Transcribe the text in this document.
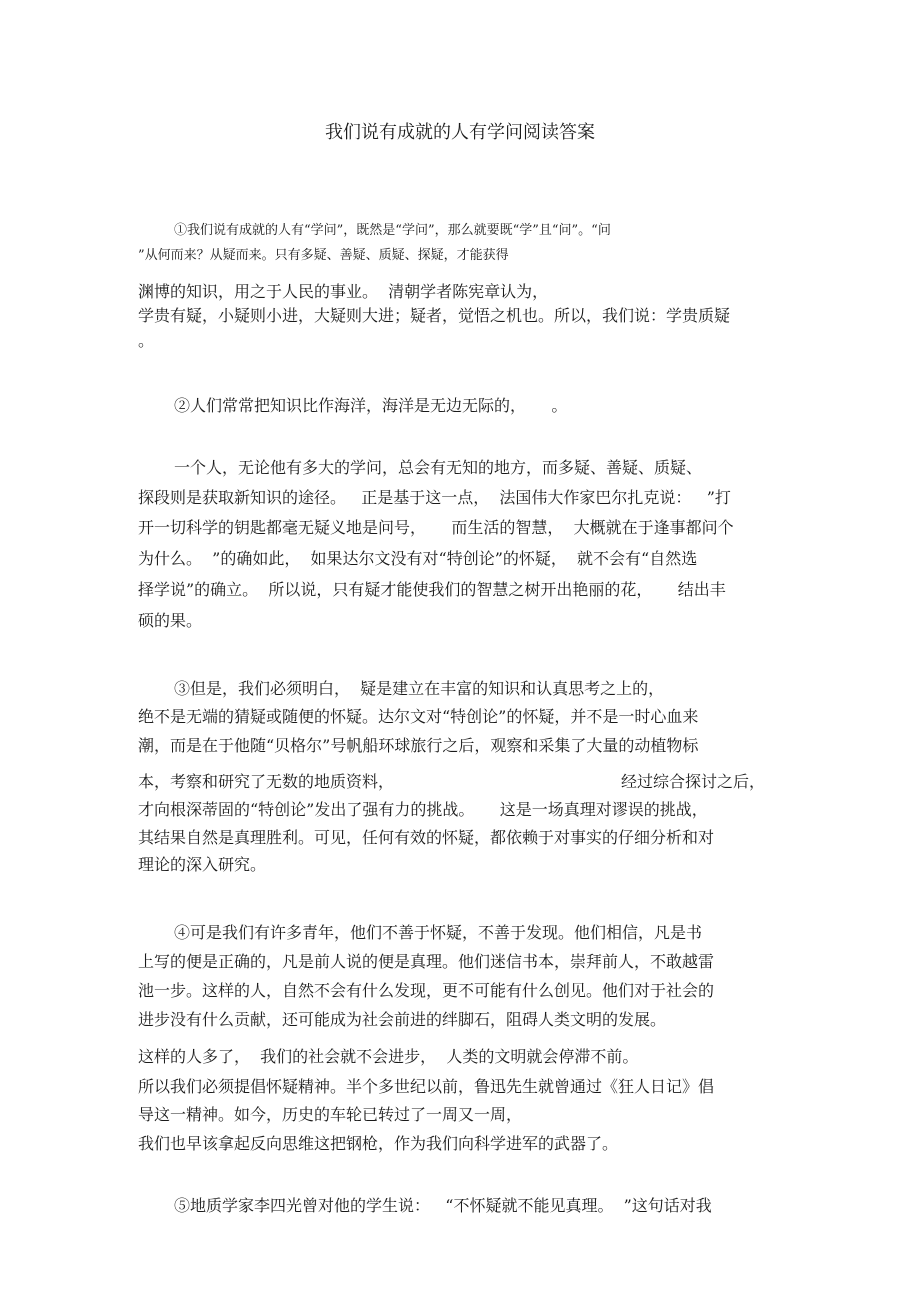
我们说有成就的人有学问阅读答案
①我们说有成就的人有“学问”，既然是“学问”，那么就要既“学”且“问”。“问
”从何而来？从疑而来。只有多疑、善疑、质疑、探疑，才能获得
渊博的知识，用之于人民的事业。  清朝学者陈宪章认为，
学贵有疑，小疑则小进，大疑则大进；疑者，觉悟之机也。所以，我们说：学贵质疑
。
②人们常常把知识比作海洋，海洋是无边无际的，     。
一个人，无论他有多大的学问，总会有无知的地方，而多疑、善疑、质疑、
探段则是获取新知识的途径。   正是基于这一点，  法国伟大作家巴尔扎克说：   ”打
开一切科学的钥匙都毫无疑义地是问号，     而生活的智慧，  大概就在于逢事都问个
为什么。  ”的确如此，  如果达尔文没有对“特创论”的怀疑，  就不会有“自然选
择学说”的确立。  所以说，只有疑才能使我们的智慧之树开出艳丽的花，     结出丰
硕的果。
③但是，我们必须明白，  疑是建立在丰富的知识和认真思考之上的，
绝不是无端的猜疑或随便的怀疑。达尔文对“特创论”的怀疑，并不是一时心血来
潮，而是在于他随“贝格尔”号帆船环球旅行之后，观察和采集了大量的动植物标
本，考察和研究了无数的地质资料，	经过综合探讨之后，
才向根深蒂固的“特创论”发出了强有力的挑战。     这是一场真理对谬误的挑战，
其结果自然是真理胜利。可见，任何有效的怀疑，都依赖于对事实的仔细分析和对
理论的深入研究。
④可是我们有许多青年，他们不善于怀疑，不善于发现。他们相信，凡是书
上写的便是正确的，凡是前人说的便是真理。他们迷信书本，崇拜前人，不敢越雷
池一步。这样的人，自然不会有什么发现，更不可能有什么创见。他们对于社会的
进步没有什么贡献，还可能成为社会前进的绊脚石，阻碍人类文明的发展。
这样的人多了，  我们的社会就不会进步，  人类的文明就会停滞不前。
所以我们必须提倡怀疑精神。半个多世纪以前，鲁迅先生就曾通过《狂人日记》倡
导这一精神。如今，历史的车轮已转过了一周又一周，
我们也早该拿起反向思维这把钢枪，作为我们向科学进军的武器了。
⑤地质学家李四光曾对他的学生说：   “不怀疑就不能见真理。  ”这句话对我
